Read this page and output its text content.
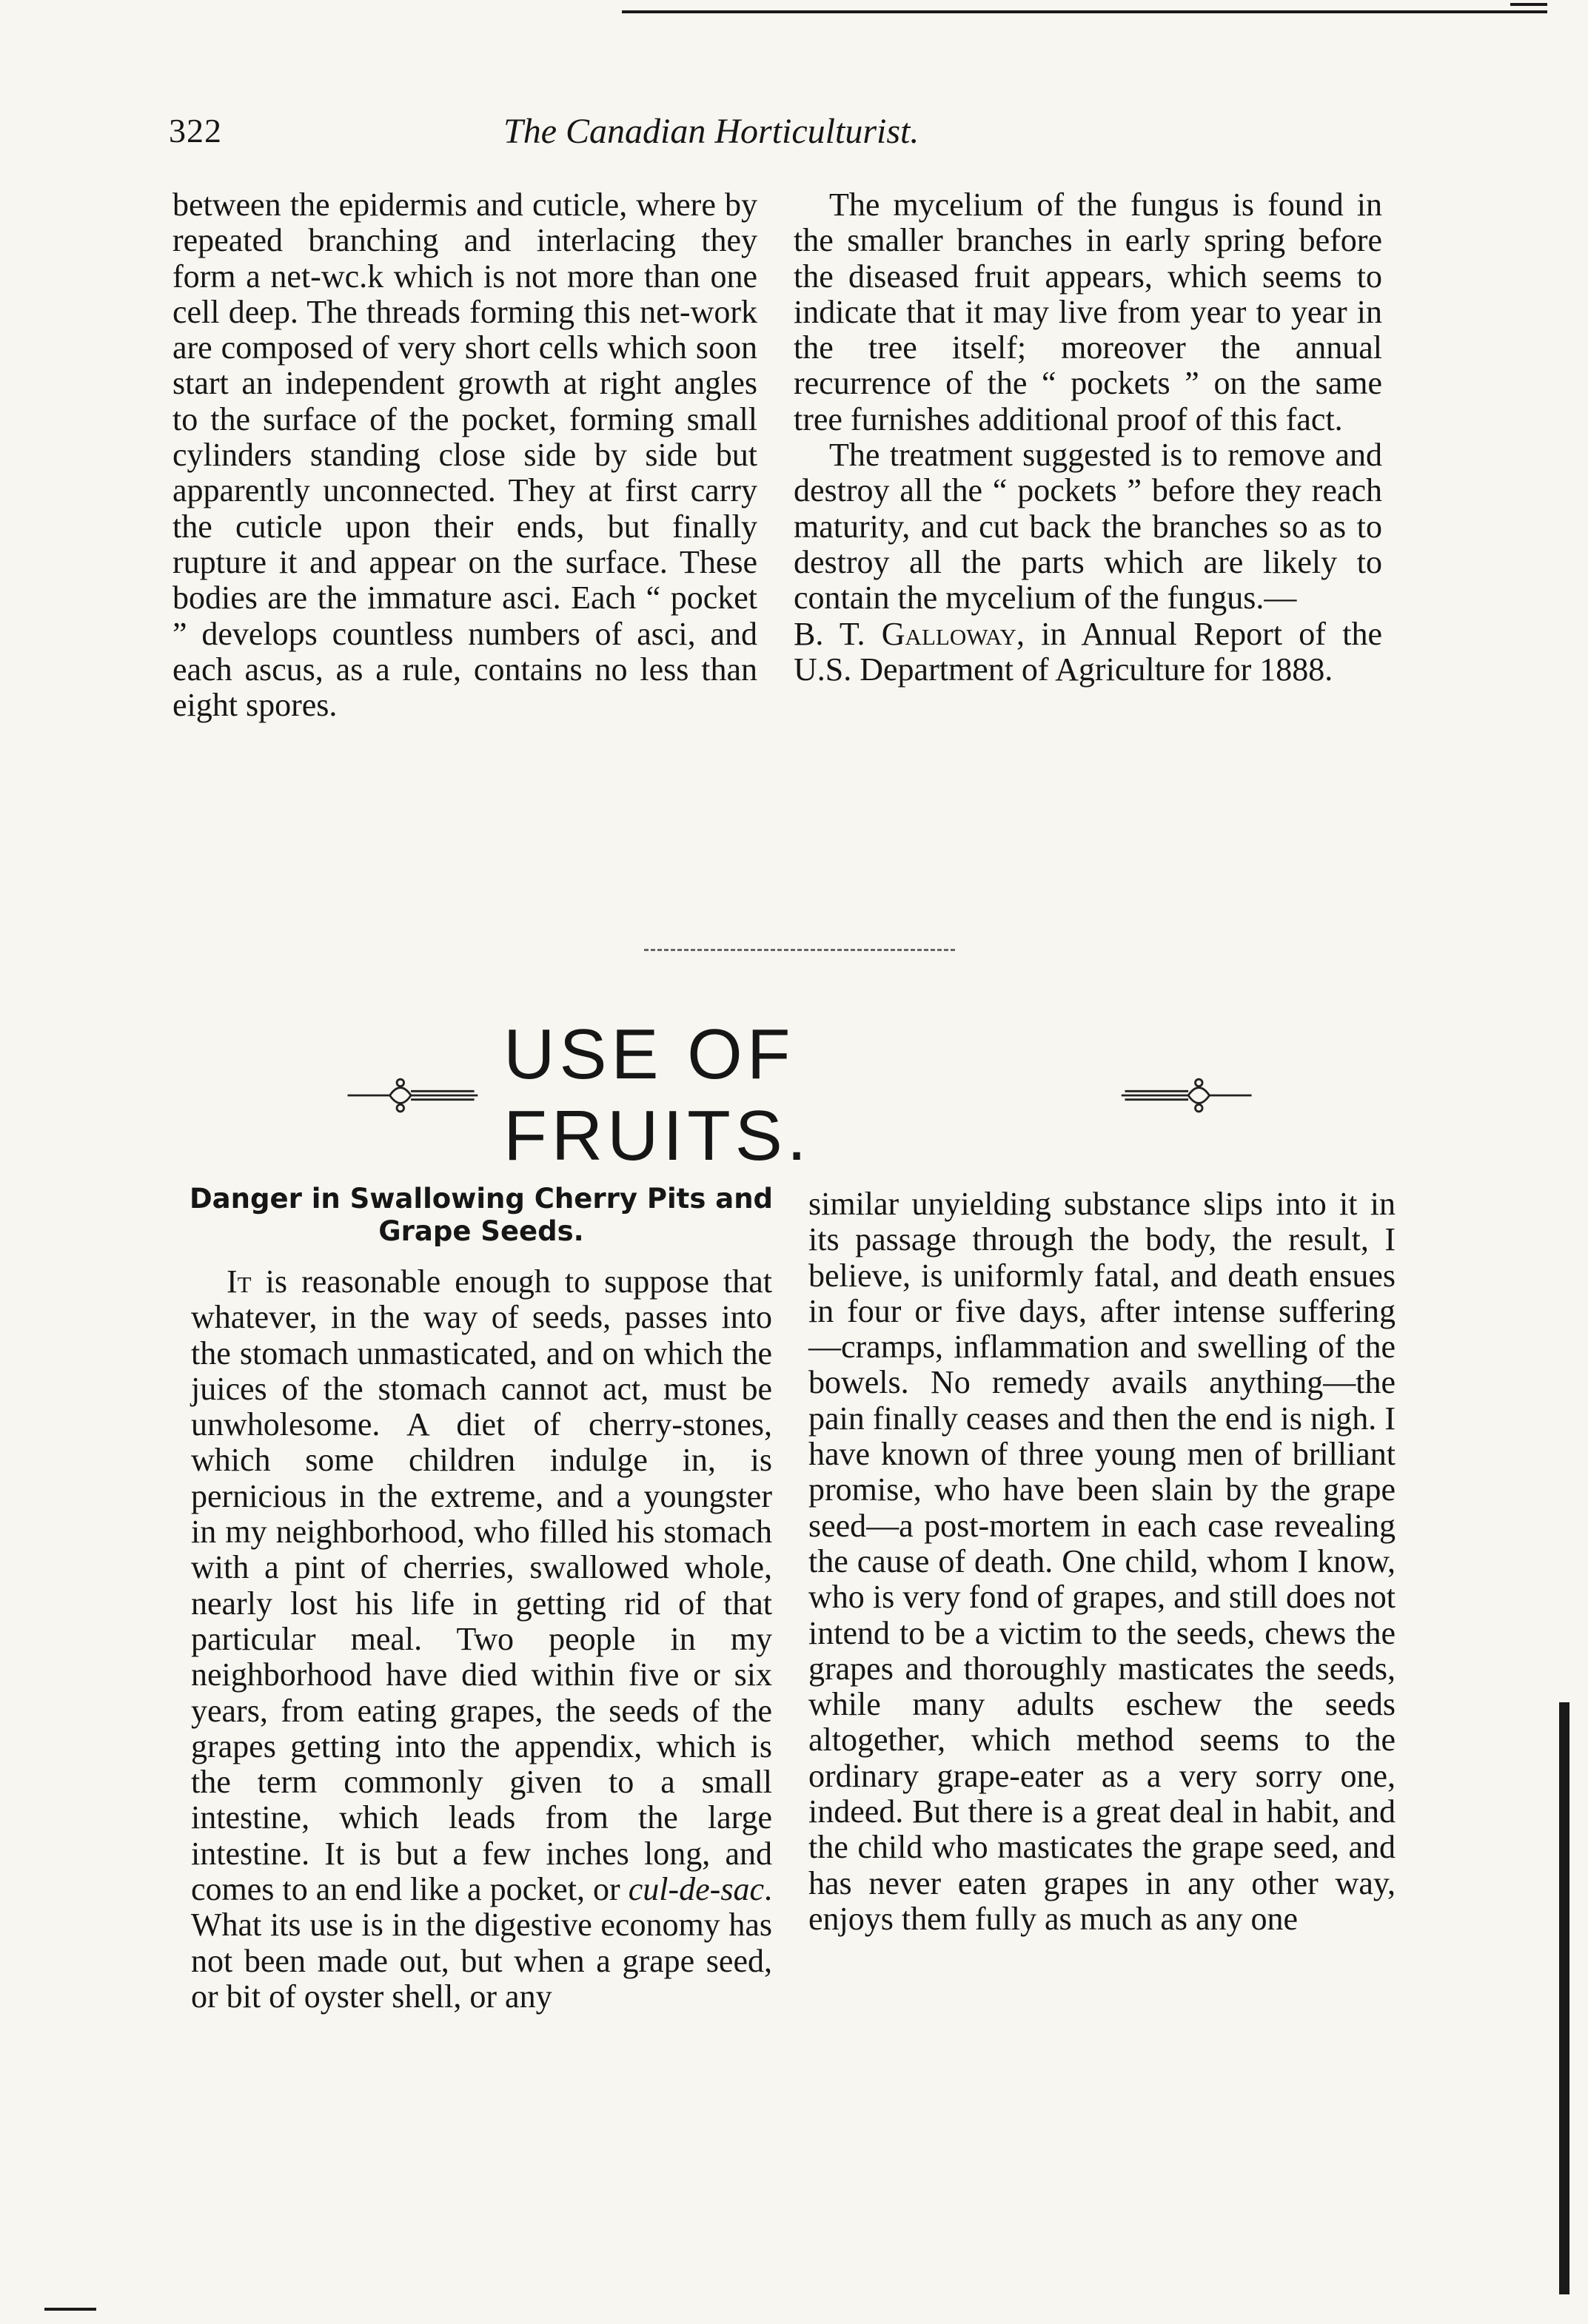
322	The Canadian Horticulturist.

between the epidermis and cuticle, where by repeated branching and interlacing they form a net-wc.k which is not more than one cell deep. The threads forming this net-work are composed of very short cells which soon start an independent growth at right angles to the surface of the pocket, forming small cylinders standing close side by side but apparently unconnected. They at first carry the cuticle upon their ends, but finally rupture it and appear on the surface. These bodies are the immature asci. Each “ pocket ” develops countless numbers of asci, and each ascus, as a rule, contains no less than eight spores.

The mycelium of the fungus is found in the smaller branches in early spring before the diseased fruit appears, which seems to indicate that it may live from year to year in the tree itself; moreover the annual recurrence of the “ pockets ” on the same tree furnishes additional proof of this fact.

The treatment suggested is to remove and destroy all the “ pockets ” before they reach maturity, and cut back the branches so as to destroy all the parts which are likely to contain the mycelium of the fungus.—
B. T. Galloway, in Annual Report of the U.S. Department of Agriculture for 1888.

USE OF FRUITS.
Danger in Swallowing Cherry Pits and Grape Seeds.

It is reasonable enough to suppose that whatever, in the way of seeds, passes into the stomach unmasticated, and on which the juices of the stomach cannot act, must be unwholesome. A diet of cherry-stones, which some children indulge in, is pernicious in the extreme, and a youngster in my neighborhood, who filled his stomach with a pint of cherries, swallowed whole, nearly lost his life in getting rid of that particular meal. Two people in my neighborhood have died within five or six years, from eating grapes, the seeds of the grapes getting into the appendix, which is the term commonly given to a small intestine, which leads from the large intestine. It is but a few inches long, and comes to an end like a pocket, or cul-de-sac. What its use is in the digestive economy has not been made out, but when a grape seed, or bit of oyster shell, or any

similar unyielding substance slips into it in its passage through the body, the result, I believe, is uniformly fatal, and death ensues in four or five days, after intense suffering —cramps, inflammation and swelling of the bowels. No remedy avails anything—the pain finally ceases and then the end is nigh. I have known of three young men of brilliant promise, who have been slain by the grape seed—a post-mortem in each case revealing the cause of death. One child, whom I know, who is very fond of grapes, and still does not intend to be a victim to the seeds, chews the grapes and thoroughly masticates the seeds, while many adults eschew the seeds altogether, which method seems to the ordinary grape-eater as a very sorry one, indeed. But there is a great deal in habit, and the child who masticates the grape seed, and has never eaten grapes in any other way, enjoys them fully as much as any one
